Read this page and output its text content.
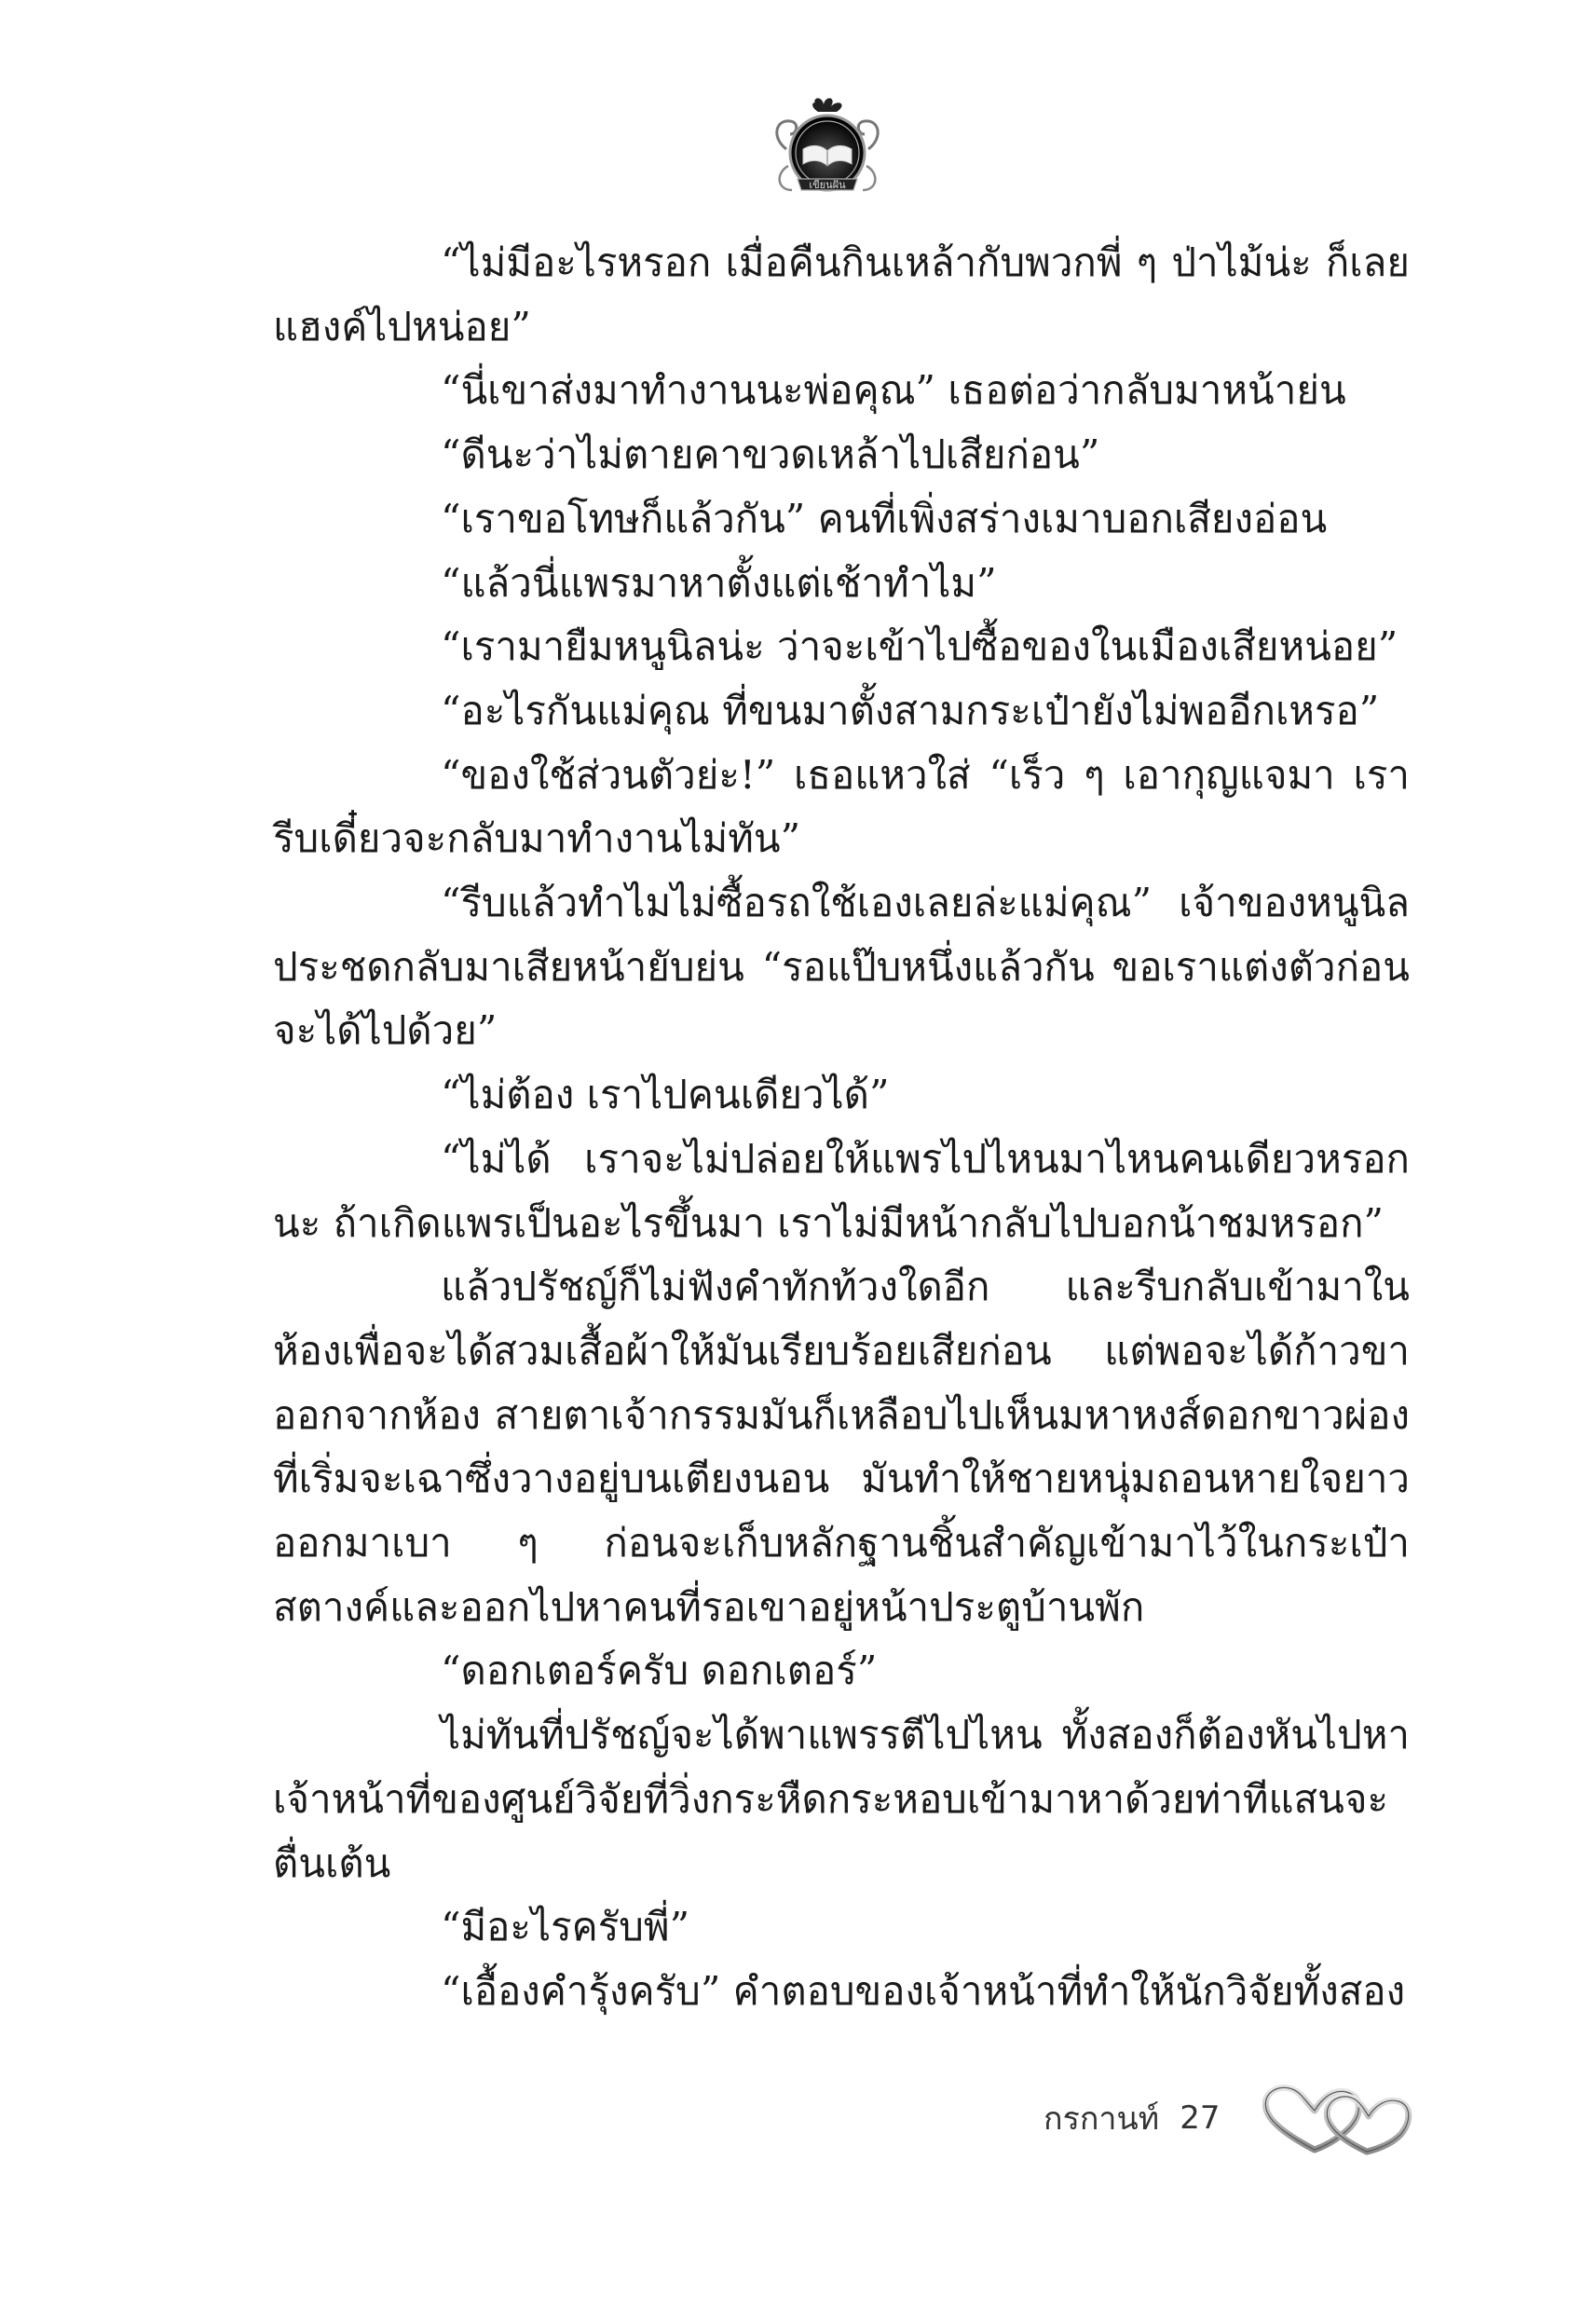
เขียนฝัน

“ไม่มีอะไรหรอก เมื่อคืนกินเหล้ากับพวกพี่ ๆ ป่าไม้น่ะ ก็เลยแฮงค์ไปหน่อย”

“นี่เขาส่งมาทำงานนะพ่อคุณ” เธอต่อว่ากลับมาหน้าย่น

“ดีนะว่าไม่ตายคาขวดเหล้าไปเสียก่อน”

“เราขอโทษก็แล้วกัน” คนที่เพิ่งสร่างเมาบอกเสียงอ่อน

“แล้วนี่แพรมาหาตั้งแต่เช้าทำไม”

“เรามายืมหนูนิลน่ะ ว่าจะเข้าไปซื้อของในเมืองเสียหน่อย”

“อะไรกันแม่คุณ ที่ขนมาตั้งสามกระเป๋ายังไม่พออีกเหรอ”

“ของใช้ส่วนตัวย่ะ!” เธอแหวใส่ “เร็ว ๆ เอากุญแจมา เรารีบเดี๋ยวจะกลับมาทำงานไม่ทัน”

“รีบแล้วทำไมไม่ซื้อรถใช้เองเลยล่ะแม่คุณ” เจ้าของหนูนิลประชดกลับมาเสียหน้ายับย่น “รอแป๊บหนึ่งแล้วกัน ขอเราแต่งตัวก่อนจะได้ไปด้วย”

“ไม่ต้อง เราไปคนเดียวได้”

“ไม่ได้ เราจะไม่ปล่อยให้แพรไปไหนมาไหนคนเดียวหรอกนะ ถ้าเกิดแพรเป็นอะไรขึ้นมา เราไม่มีหน้ากลับไปบอกน้าชมหรอก”

แล้วปรัชญ์ก็ไม่ฟังคำทักท้วงใดอีก และรีบกลับเข้ามาในห้องเพื่อจะได้สวมเสื้อผ้าให้มันเรียบร้อยเสียก่อน แต่พอจะได้ก้าวขาออกจากห้อง สายตาเจ้ากรรมมันก็เหลือบไปเห็นมหาหงส์ดอกขาวผ่องที่เริ่มจะเฉาซึ่งวางอยู่บนเตียงนอน มันทำให้ชายหนุ่มถอนหายใจยาวออกมาเบา ๆ ก่อนจะเก็บหลักฐานชิ้นสำคัญเข้ามาไว้ในกระเป๋าสตางค์และออกไปหาคนที่รอเขาอยู่หน้าประตูบ้านพัก

“ดอกเตอร์ครับ ดอกเตอร์”

ไม่ทันที่ปรัชญ์จะได้พาแพรรตีไปไหน ทั้งสองก็ต้องหันไปหาเจ้าหน้าที่ของศูนย์วิจัยที่วิ่งกระหืดกระหอบเข้ามาหาด้วยท่าทีแสนจะตื่นเต้น

“มีอะไรครับพี่”

“เอื้องคำรุ้งครับ” คำตอบของเจ้าหน้าที่ทำให้นักวิจัยทั้งสอง

กรกานท์ 27
